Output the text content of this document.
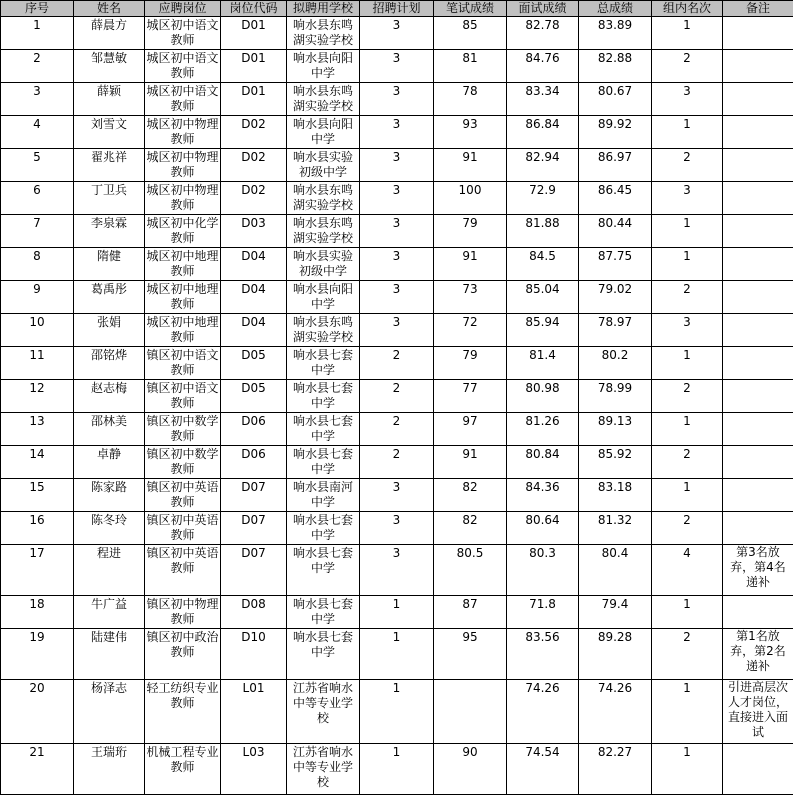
序号	姓名	应聘岗位	岗位代码	拟聘用学校	招聘计划	笔试成绩	面试成绩	总成绩	组内名次	备注
1	薛晨方	城区初中语文教师	D01	响水县东鸣湖实验学校	3	85	82.78	83.89	1	
2	邹慧敏	城区初中语文教师	D01	响水县向阳中学	3	81	84.76	82.88	2	
3	薛颖	城区初中语文教师	D01	响水县东鸣湖实验学校	3	78	83.34	80.67	3	
4	刘雪文	城区初中物理教师	D02	响水县向阳中学	3	93	86.84	89.92	1	
5	翟兆祥	城区初中物理教师	D02	响水县实验初级中学	3	91	82.94	86.97	2	
6	丁卫兵	城区初中物理教师	D02	响水县东鸣湖实验学校	3	100	72.9	86.45	3	
7	李泉霖	城区初中化学教师	D03	响水县东鸣湖实验学校	3	79	81.88	80.44	1	
8	隋健	城区初中地理教师	D04	响水县实验初级中学	3	91	84.5	87.75	1	
9	葛禹彤	城区初中地理教师	D04	响水县向阳中学	3	73	85.04	79.02	2	
10	张娟	城区初中地理教师	D04	响水县东鸣湖实验学校	3	72	85.94	78.97	3	
11	邵铭烨	镇区初中语文教师	D05	响水县七套中学	2	79	81.4	80.2	1	
12	赵志梅	镇区初中语文教师	D05	响水县七套中学	2	77	80.98	78.99	2	
13	邵林美	镇区初中数学教师	D06	响水县七套中学	2	97	81.26	89.13	1	
14	卓静	镇区初中数学教师	D06	响水县七套中学	2	91	80.84	85.92	2	
15	陈家路	镇区初中英语教师	D07	响水县南河中学	3	82	84.36	83.18	1	
16	陈冬玲	镇区初中英语教师	D07	响水县七套中学	3	82	80.64	81.32	2	
17	程进	镇区初中英语教师	D07	响水县七套中学	3	80.5	80.3	80.4	4	第3名放弃，第4名递补
18	牛广益	镇区初中物理教师	D08	响水县七套中学	1	87	71.8	79.4	1	
19	陆建伟	镇区初中政治教师	D10	响水县七套中学	1	95	83.56	89.28	2	第1名放弃，第2名递补
20	杨泽志	轻工纺织专业教师	L01	江苏省响水中等专业学校	1		74.26	74.26	1	引进高层次人才岗位，直接进入面试
21	王瑞珩	机械工程专业教师	L03	江苏省响水中等专业学校	1	90	74.54	82.27	1	
